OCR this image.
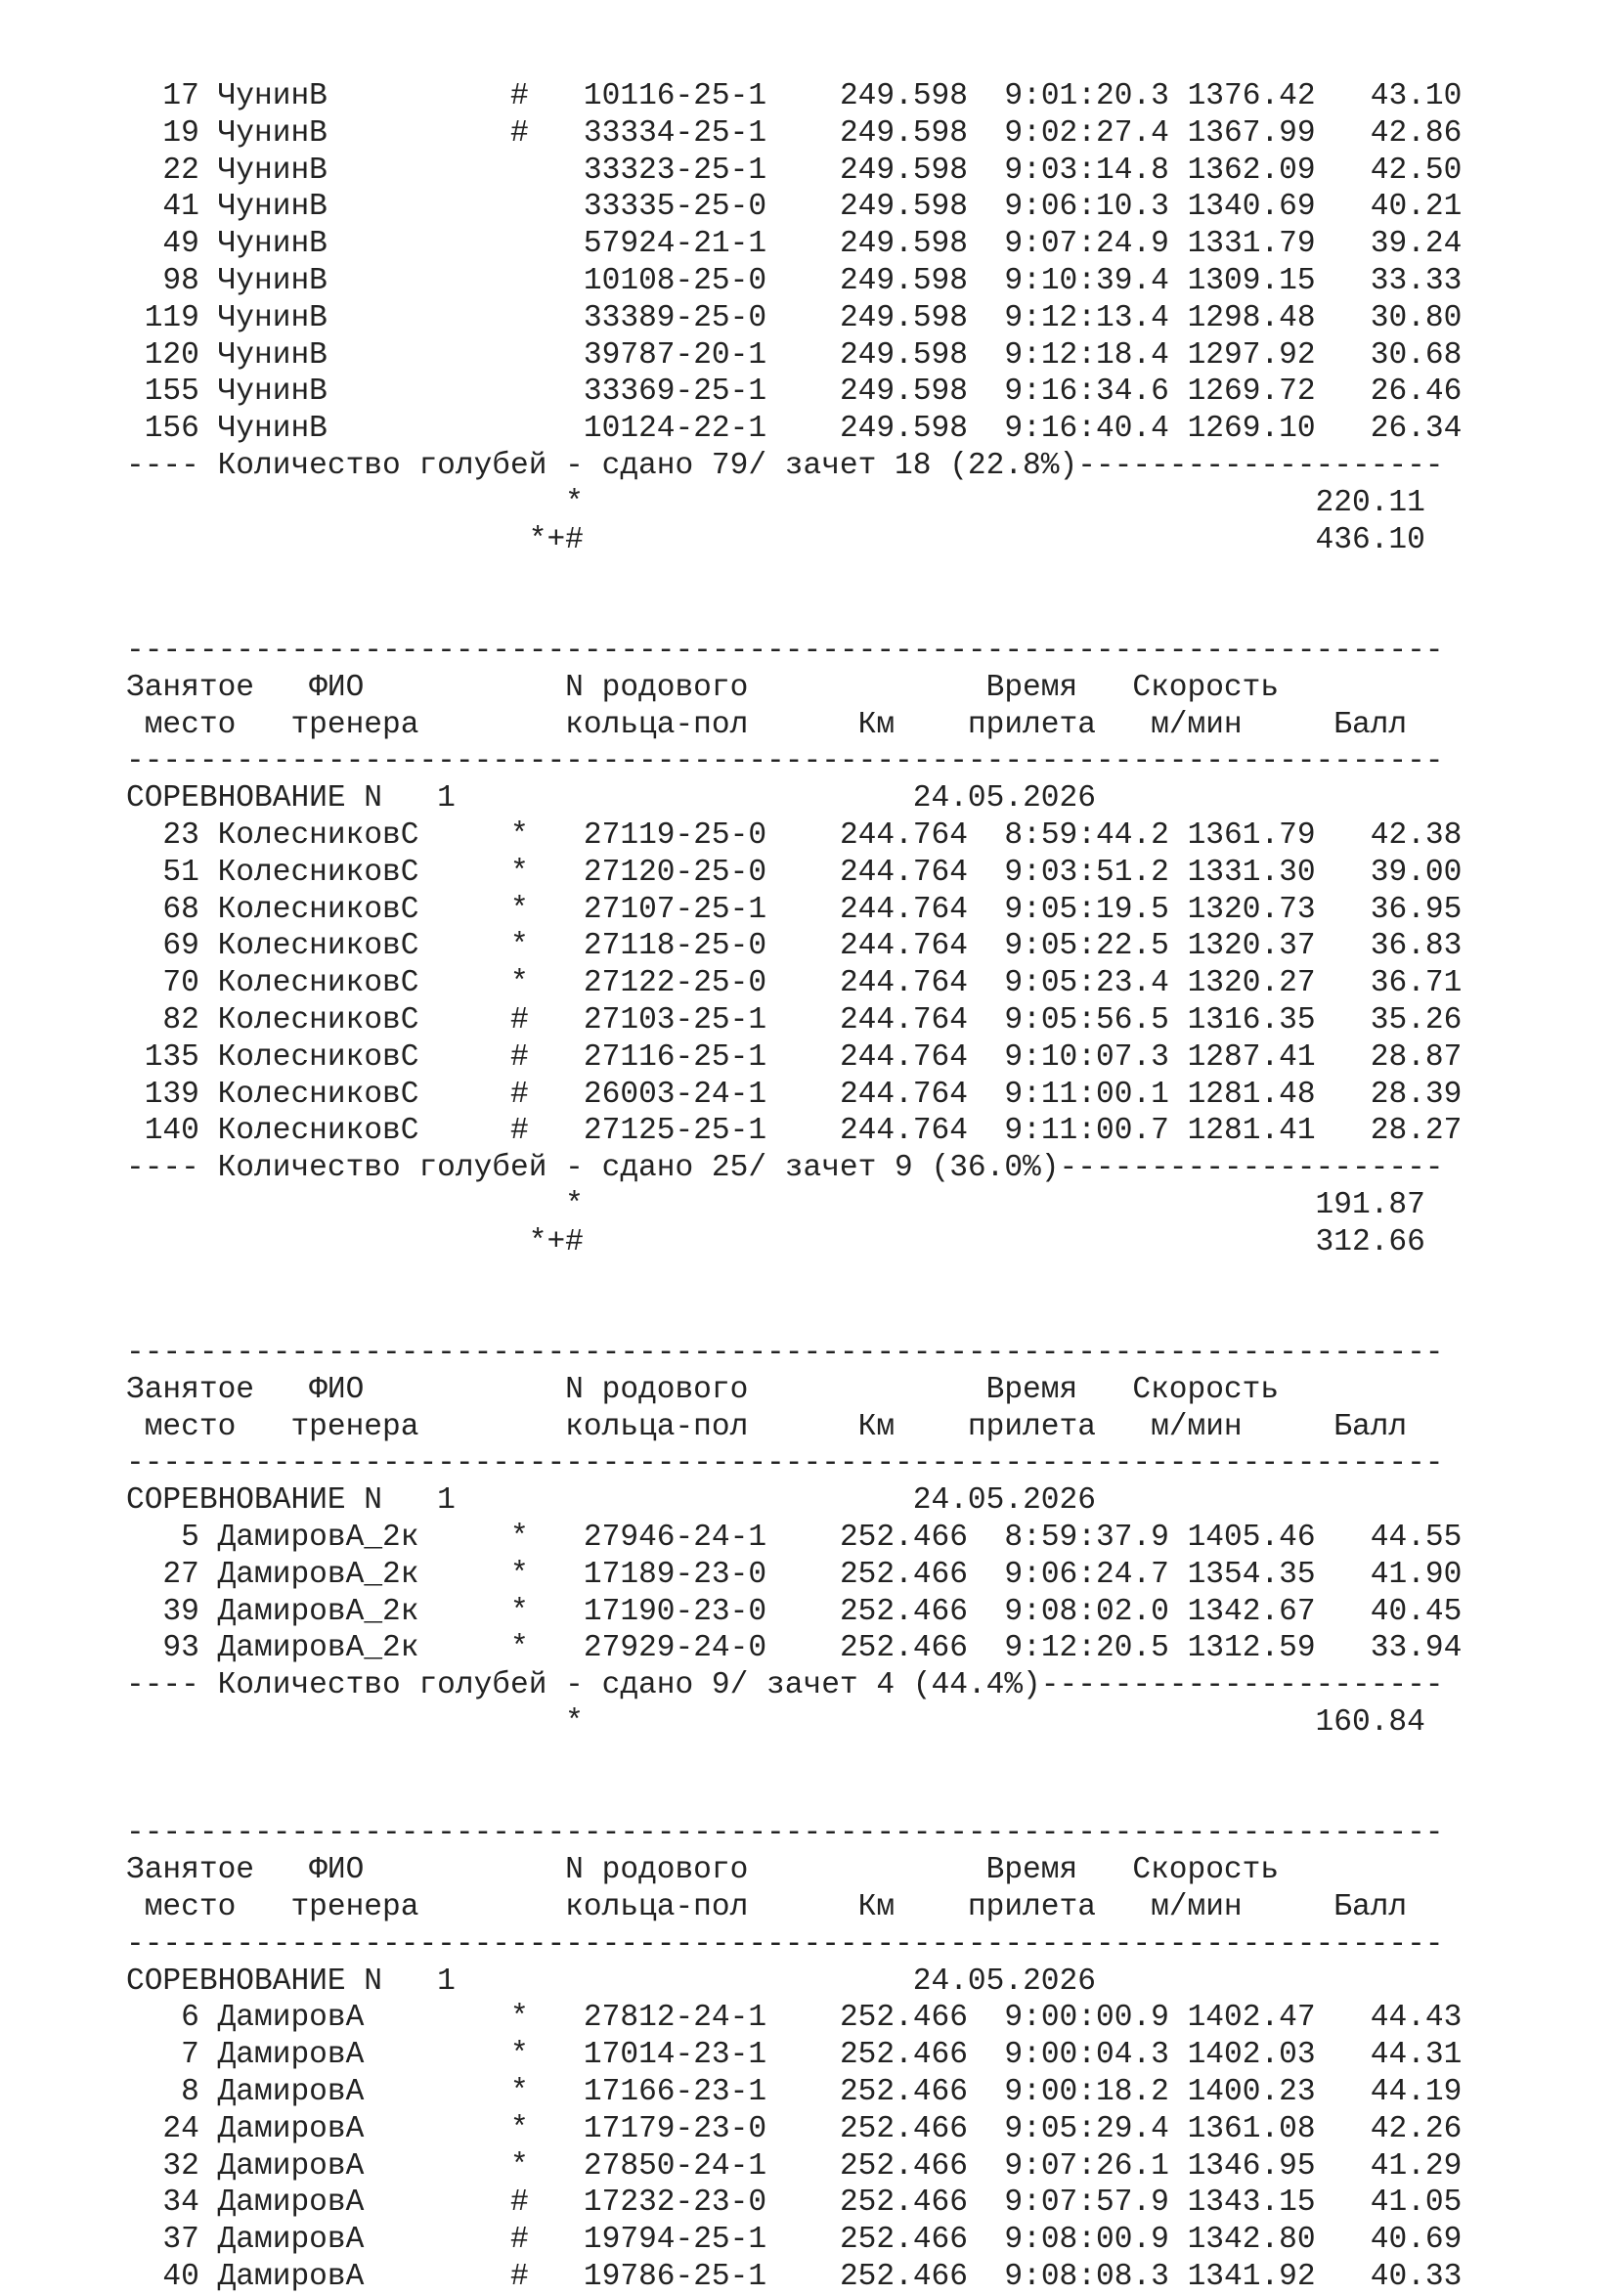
17 ЧунинВ          #   10116-25-1 249.598 9:01:20.3 1376.42   43.10
19 ЧунинВ          #   33334-25-1 249.598 9:02:27.4 1367.99   42.86
22 ЧунинВ              33323-25-1 249.598 9:03:14.8 1362.09   42.50
41 ЧунинВ              33335-25-0 249.598 9:06:10.3 1340.69   40.21
49 ЧунинВ              57924-21-1 249.598 9:07:24.9 1331.79   39.24
98 ЧунинВ              10108-25-0 249.598 9:10:39.4 1309.15   33.33
119 ЧунинВ              33389-25-0 249.598 9:12:13.4 1298.48   30.80
120 ЧунинВ              39787-20-1 249.598 9:12:18.4 1297.92   30.68
155 ЧунинВ              33369-25-1 249.598 9:16:34.6 1269.72   26.46
156 ЧунинВ              10124-22-1 249.598 9:16:40.4 1269.10   26.34
---- Количество голубей - сдано 79/ зачет 18 (22.8%)--------------------
*	220.11
*+#	436.10
------------------------------------------------------------------------
Занятое   ФИО           N родового             Время   Скорость
место   тренера        кольца-пол      Км    прилета   м/мин     Балл
------------------------------------------------------------------------
СОРЕВНОВАНИЕ N   1                         24.05.2026
23 КолесниковС     *   27119-25-0 244.764 8:59:44.2 1361.79   42.38
51 КолесниковС     *   27120-25-0 244.764 9:03:51.2 1331.30   39.00
68 КолесниковС     *   27107-25-1 244.764 9:05:19.5 1320.73   36.95
69 КолесниковС     *   27118-25-0 244.764 9:05:22.5 1320.37   36.83
70 КолесниковС     *   27122-25-0 244.764 9:05:23.4 1320.27   36.71
82 КолесниковС     #   27103-25-1 244.764 9:05:56.5 1316.35   35.26
135 КолесниковС     #   27116-25-1 244.764 9:10:07.3 1287.41   28.87
139 КолесниковС     #   26003-24-1 244.764 9:11:00.1 1281.48   28.39
140 КолесниковС     #   27125-25-1 244.764 9:11:00.7 1281.41   28.27
---- Количество голубей - сдано 25/ зачет 9 (36.0%)---------------------
*	191.87
*+#	312.66
------------------------------------------------------------------------
Занятое   ФИО           N родового             Время   Скорость
место   тренера        кольца-пол      Км    прилета   м/мин     Балл
------------------------------------------------------------------------
СОРЕВНОВАНИЕ N   1                         24.05.2026
5 ДамировА_2к     *   27946-24-1 252.466 8:59:37.9 1405.46   44.55
27 ДамировА_2к     *   17189-23-0 252.466 9:06:24.7 1354.35   41.90
39 ДамировА_2к     *   17190-23-0 252.466 9:08:02.0 1342.67   40.45
93 ДамировА_2к     *   27929-24-0 252.466 9:12:20.5 1312.59   33.94
---- Количество голубей - сдано 9/ зачет 4 (44.4%)----------------------
*	160.84
------------------------------------------------------------------------
Занятое   ФИО           N родового             Время   Скорость
место   тренера        кольца-пол      Км    прилета   м/мин     Балл
------------------------------------------------------------------------
СОРЕВНОВАНИЕ N   1                         24.05.2026
6 ДамировА        *   27812-24-1 252.466 9:00:00.9 1402.47   44.43
7 ДамировА        *   17014-23-1 252.466 9:00:04.3 1402.03   44.31
8 ДамировА        *   17166-23-1 252.466 9:00:18.2 1400.23   44.19
24 ДамировА        *   17179-23-0 252.466 9:05:29.4 1361.08   42.26
32 ДамировА        *   27850-24-1 252.466 9:07:26.1 1346.95   41.29
34 ДамировА        #   17232-23-0 252.466 9:07:57.9 1343.15   41.05
37 ДамировА        #   19794-25-1 252.466 9:08:00.9 1342.80   40.69
40 ДамировА        #   19786-25-1 252.466 9:08:08.3 1341.92   40.33
